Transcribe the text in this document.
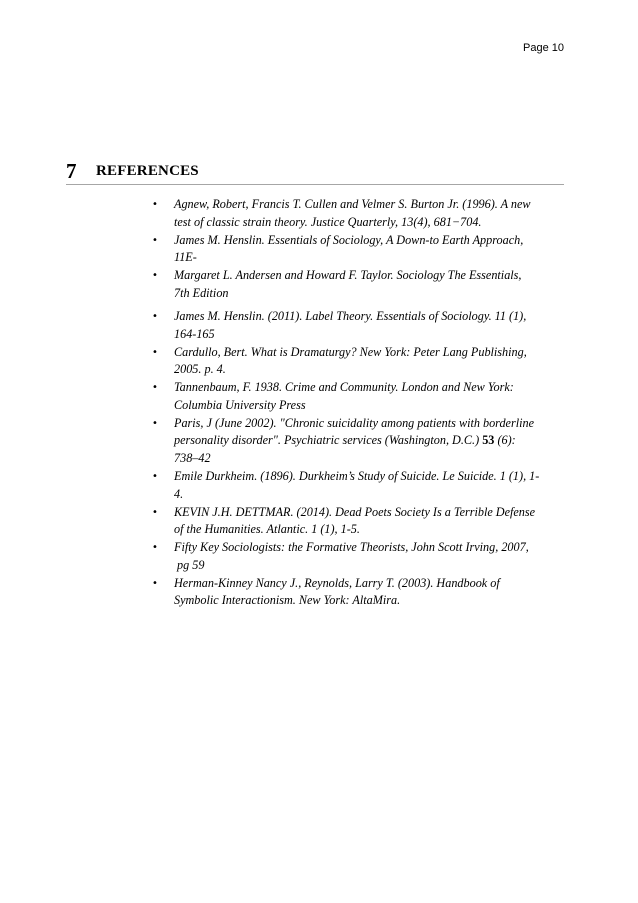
Page 10
7	REFERENCES
• Agnew, Robert, Francis T. Cullen and Velmer S. Burton Jr. (1996). A new
test of classic strain theory. Justice Quarterly, 13(4), 681−704.
• James M. Henslin. Essentials of Sociology, A Down-to Earth Approach,
11E-
• Margaret L. Andersen and Howard F. Taylor. Sociology The Essentials,
7th Edition
• James M. Henslin. (2011). Label Theory. Essentials of Sociology. 11 (1),
164-165
• Cardullo, Bert. What is Dramaturgy? New York: Peter Lang Publishing,
2005. p. 4.
• Tannenbaum, F. 1938. Crime and Community. London and New York:
Columbia University Press
• Paris, J (June 2002). "Chronic suicidality among patients with borderline
personality disorder". Psychiatric services (Washington, D.C.) 53 (6):
738–42
• Emile Durkheim. (1896). Durkheim’s Study of Suicide. Le Suicide. 1 (1), 1-
4.
• KEVIN J.H. DETTMAR. (2014). Dead Poets Society Is a Terrible Defense
of the Humanities. Atlantic. 1 (1), 1-5.
• Fifty Key Sociologists: the Formative Theorists, John Scott Irving, 2007,
pg 59
• Herman-Kinney Nancy J., Reynolds, Larry T. (2003). Handbook of
Symbolic Interactionism. New York: AltaMira.
